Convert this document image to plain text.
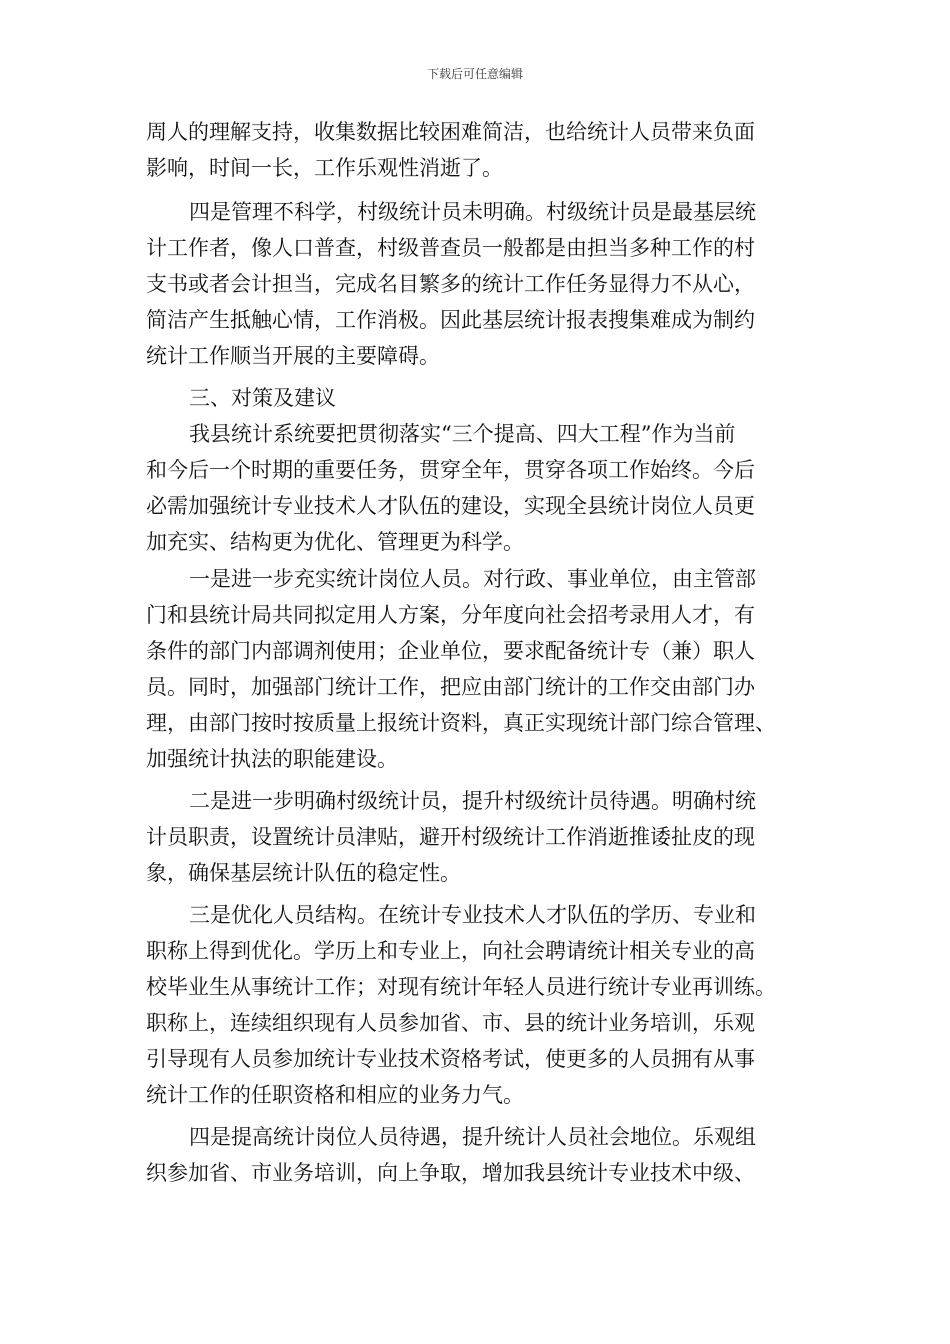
下载后可任意编辑
周人的理解支持，收集数据比较困难简洁，也给统计人员带来负面
影响，时间一长，工作乐观性消逝了。
四是管理不科学，村级统计员未明确。村级统计员是最基层统
计工作者，像人口普查，村级普查员一般都是由担当多种工作的村
支书或者会计担当，完成名目繁多的统计工作任务显得力不从心，
简洁产生抵触心情，工作消极。因此基层统计报表搜集难成为制约
统计工作顺当开展的主要障碍。
三、对策及建议
我县统计系统要把贯彻落实“三个提高、四大工程”作为当前
和今后一个时期的重要任务，贯穿全年，贯穿各项工作始终。今后
必需加强统计专业技术人才队伍的建设，实现全县统计岗位人员更
加充实、结构更为优化、管理更为科学。
一是进一步充实统计岗位人员。对行政、事业单位，由主管部
门和县统计局共同拟定用人方案，分年度向社会招考录用人才，有
条件的部门内部调剂使用；企业单位，要求配备统计专（兼）职人
员。同时，加强部门统计工作，把应由部门统计的工作交由部门办
理，由部门按时按质量上报统计资料，真正实现统计部门综合管理、
加强统计执法的职能建设。
二是进一步明确村级统计员，提升村级统计员待遇。明确村统
计员职责，设置统计员津贴，避开村级统计工作消逝推诿扯皮的现
象，确保基层统计队伍的稳定性。
三是优化人员结构。在统计专业技术人才队伍的学历、专业和
职称上得到优化。学历上和专业上，向社会聘请统计相关专业的高
校毕业生从事统计工作；对现有统计年轻人员进行统计专业再训练。
职称上，连续组织现有人员参加省、市、县的统计业务培训，乐观
引导现有人员参加统计专业技术资格考试，使更多的人员拥有从事
统计工作的任职资格和相应的业务力气。
四是提高统计岗位人员待遇，提升统计人员社会地位。乐观组
织参加省、市业务培训，向上争取，增加我县统计专业技术中级、
